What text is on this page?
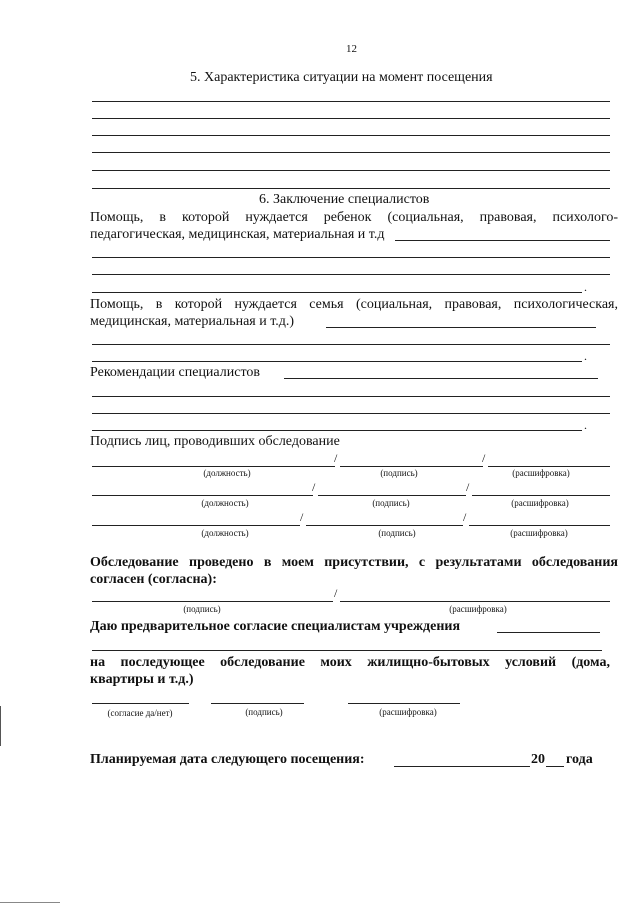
12
5. Характеристика ситуации на момент посещения
6. Заключение специалистов
Помощь, в которой нуждается ребенок (социальная, правовая, психолого-
педагогическая, медицинская, материальная и т.д
.
Помощь, в которой нуждается семья (социальная, правовая, психологическая,
медицинская, материальная и т.д.)
.
Рекомендации специалистов
.
Подпись лиц, проводивших обследование
/	/
(должность)	(подпись)	(расшифровка)
/	/
(должность)	(подпись)	(расшифровка)
/	/
(должность)	(подпись)	(расшифровка)
Обследование проведено в моем присутствии, с результатами обследования
согласен (согласна):
/
(подпись)	(расшифровка)
Даю предварительное согласие специалистам учреждения
на последующее обследование моих жилищно-бытовых условий (дома,
квартиры и т.д.)
(согласие да/нет)	(подпись)	(расшифровка)
Планируемая дата следующего посещения:	20 года
